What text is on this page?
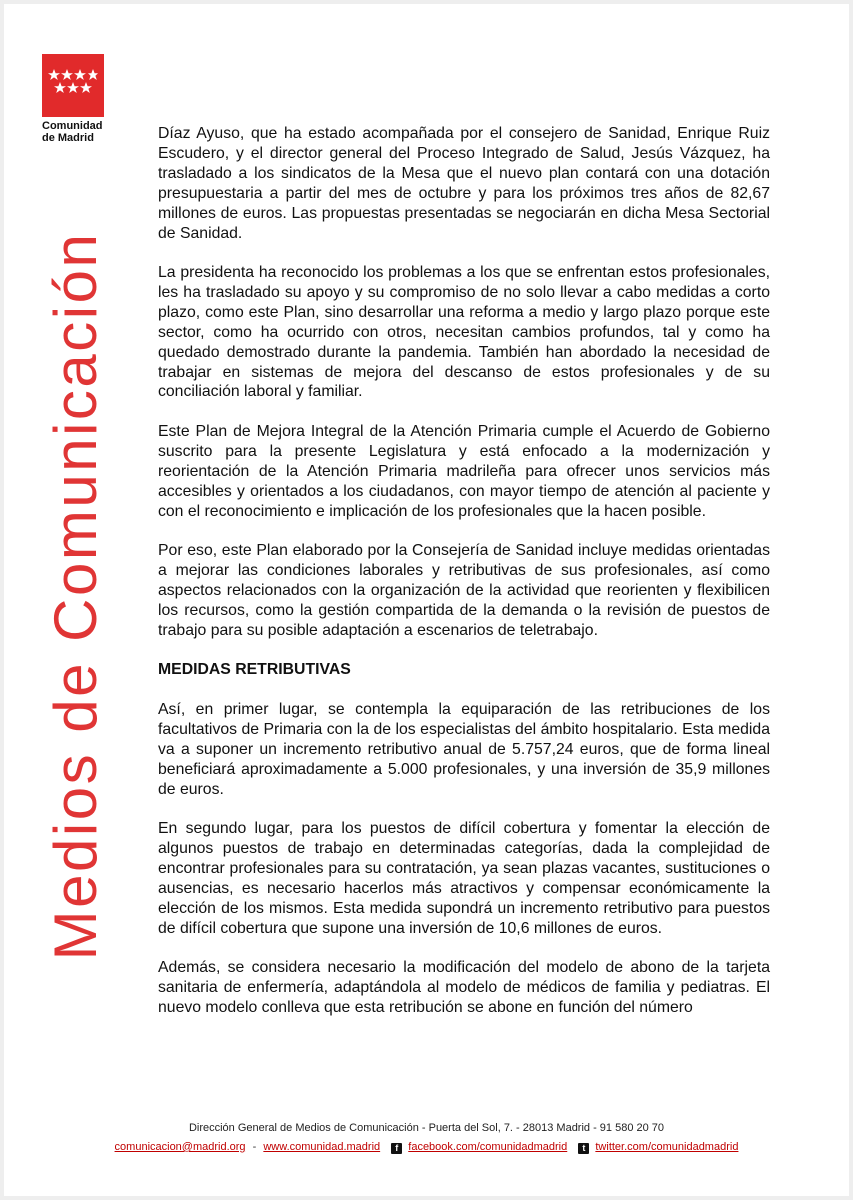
Comunidad
de Madrid
Medios de Comunicación

Díaz Ayuso, que ha estado acompañada por el consejero de Sanidad, Enrique Ruiz Escudero, y el director general del Proceso Integrado de Salud, Jesús Vázquez, ha trasladado a los sindicatos de la Mesa que el nuevo plan contará con una dotación presupuestaria a partir del mes de octubre y para los próximos tres años de 82,67 millones de euros. Las propuestas presentadas se negociarán en dicha Mesa Sectorial de Sanidad.

La presidenta ha reconocido los problemas a los que se enfrentan estos profesionales, les ha trasladado su apoyo y su compromiso de no solo llevar a cabo medidas a corto plazo, como este Plan, sino desarrollar una reforma a medio y largo plazo porque este sector, como ha ocurrido con otros, necesitan cambios profundos, tal y como ha quedado demostrado durante la pandemia. También han abordado la necesidad de trabajar en sistemas de mejora del descanso de estos profesionales y de su conciliación laboral y familiar.

Este Plan de Mejora Integral de la Atención Primaria cumple el Acuerdo de Gobierno suscrito para la presente Legislatura y está enfocado a la modernización y reorientación de la Atención Primaria madrileña para ofrecer unos servicios más accesibles y orientados a los ciudadanos, con mayor tiempo de atención al paciente y con el reconocimiento e implicación de los profesionales que la hacen posible.

Por eso, este Plan elaborado por la Consejería de Sanidad incluye medidas orientadas a mejorar las condiciones laborales y retributivas de sus profesionales, así como aspectos relacionados con la organización de la actividad que reorienten y flexibilicen los recursos, como la gestión compartida de la demanda o la revisión de puestos de trabajo para su posible adaptación a escenarios de teletrabajo.

MEDIDAS RETRIBUTIVAS

Así, en primer lugar, se contempla la equiparación de las retribuciones de los facultativos de Primaria con la de los especialistas del ámbito hospitalario. Esta medida va a suponer un incremento retributivo anual de 5.757,24 euros, que de forma lineal beneficiará aproximadamente a 5.000 profesionales, y una inversión de 35,9 millones de euros.

En segundo lugar, para los puestos de difícil cobertura y fomentar la elección de algunos puestos de trabajo en determinadas categorías, dada la complejidad de encontrar profesionales para su contratación, ya sean plazas vacantes, sustituciones o ausencias, es necesario hacerlos más atractivos y compensar económicamente la elección de los mismos. Esta medida supondrá un incremento retributivo para puestos de difícil cobertura que supone una inversión de 10,6 millones de euros.

Además, se considera necesario la modificación del modelo de abono de la tarjeta sanitaria de enfermería, adaptándola al modelo de médicos de familia y pediatras. El nuevo modelo conlleva que esta retribución se abone en función del número

Dirección General de Medios de Comunicación - Puerta del Sol, 7. - 28013 Madrid - 91 580 20 70
comunicacion@madrid.org - www.comunidad.madrid f facebook.com/comunidadmadrid t twitter.com/comunidadmadrid
